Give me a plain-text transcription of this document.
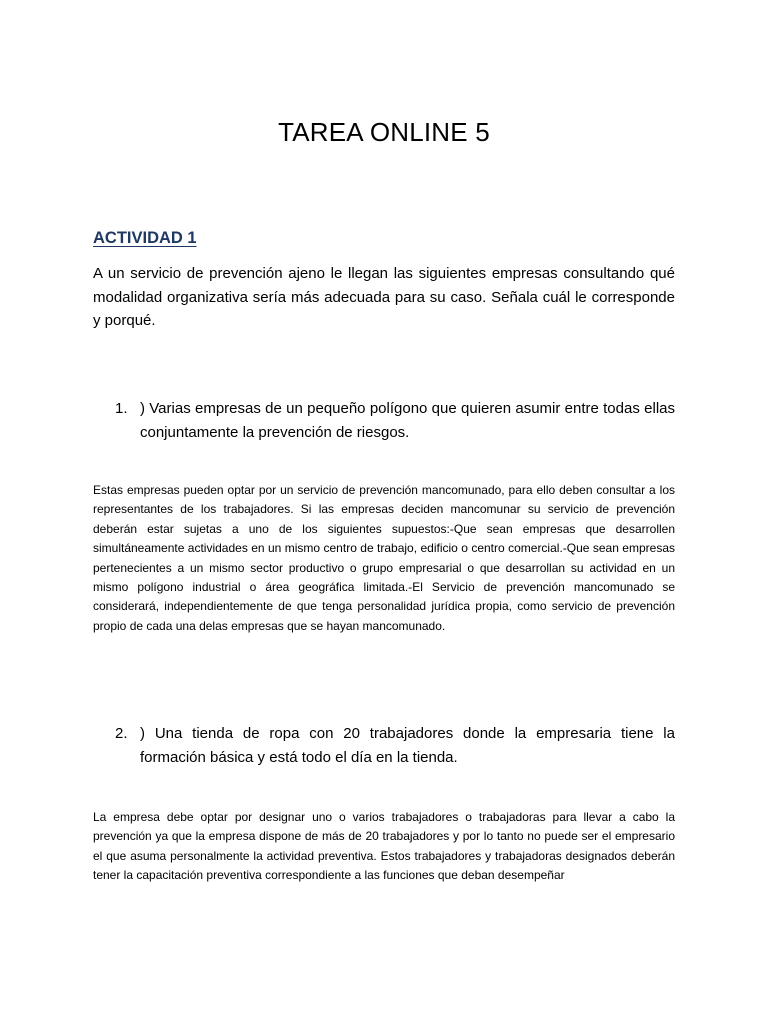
TAREA ONLINE 5
ACTIVIDAD 1
A un servicio de prevención ajeno le llegan las siguientes empresas consultando qué modalidad organizativa sería más adecuada para su caso. Señala cuál le corresponde y porqué.
1. ) Varias empresas de un pequeño polígono que quieren asumir entre todas ellas conjuntamente la prevención de riesgos.
Estas empresas pueden optar por un servicio de prevención mancomunado, para ello deben consultar a los representantes de los trabajadores. Si las empresas deciden mancomunar su servicio de prevención deberán estar sujetas a uno de los siguientes supuestos:-Que sean empresas que desarrollen simultáneamente actividades en un mismo centro de trabajo, edificio o centro comercial.-Que sean empresas pertenecientes a un mismo sector productivo o grupo empresarial o que desarrollan su actividad en un mismo polígono industrial o área geográfica limitada.-El Servicio de prevención mancomunado se considerará, independientemente de que tenga personalidad jurídica propia, como servicio de prevención propio de cada una delas empresas que se hayan mancomunado.
2. ) Una tienda de ropa con 20 trabajadores donde la empresaria tiene la formación básica y está todo el día en la tienda.
La empresa debe optar por designar uno o varios trabajadores o trabajadoras para llevar a cabo la prevención ya que la empresa dispone de más de 20 trabajadores y por lo tanto no puede ser el empresario el que asuma personalmente la actividad preventiva. Estos trabajadores y trabajadoras designados deberán tener la capacitación preventiva correspondiente a las funciones que deban desempeñar
